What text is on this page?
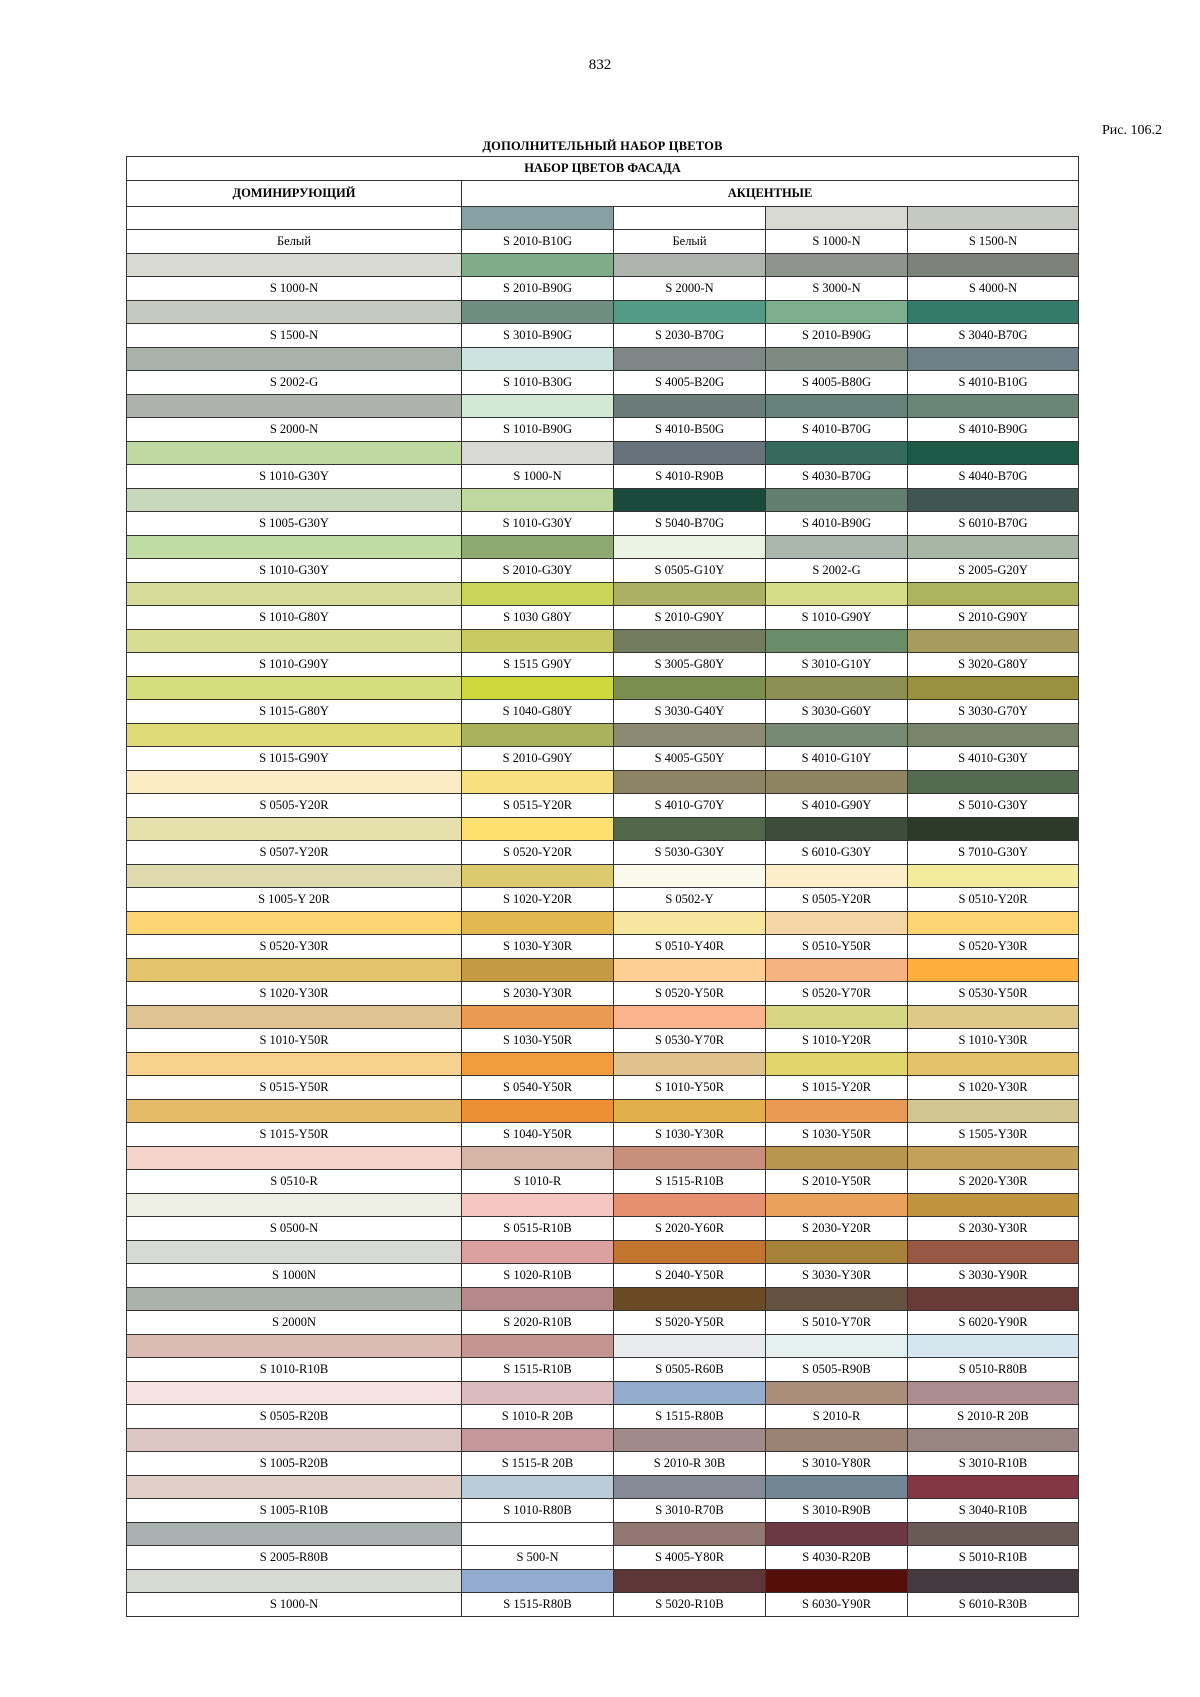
832
Рис. 106.2
ДОПОЛНИТЕЛЬНЫЙ НАБОР ЦВЕТОВ
НАБОР ЦВЕТОВ ФАСАДА				
ДОМИНИРУЮЩИЙ	АКЦЕНТНЫЕ			

Белый	S 2010-B10G	Белый	S 1000-N	S 1500-N

S 1000-N	S 2010-B90G	S 2000-N	S 3000-N	S 4000-N

S 1500-N	S 3010-B90G	S 2030-B70G	S 2010-B90G	S 3040-B70G

S 2002-G	S 1010-B30G	S 4005-B20G	S 4005-B80G	S 4010-B10G

S 2000-N	S 1010-B90G	S 4010-B50G	S 4010-B70G	S 4010-B90G

S 1010-G30Y	S 1000-N	S 4010-R90B	S 4030-B70G	S 4040-B70G

S 1005-G30Y	S 1010-G30Y	S 5040-B70G	S 4010-B90G	S 6010-B70G

S 1010-G30Y	S 2010-G30Y	S 0505-G10Y	S 2002-G	S 2005-G20Y

S 1010-G80Y	S 1030 G80Y	S 2010-G90Y	S 1010-G90Y	S 2010-G90Y

S 1010-G90Y	S 1515 G90Y	S 3005-G80Y	S 3010-G10Y	S 3020-G80Y

S 1015-G80Y	S 1040-G80Y	S 3030-G40Y	S 3030-G60Y	S 3030-G70Y

S 1015-G90Y	S 2010-G90Y	S 4005-G50Y	S 4010-G10Y	S 4010-G30Y

S 0505-Y20R	S 0515-Y20R	S 4010-G70Y	S 4010-G90Y	S 5010-G30Y

S 0507-Y20R	S 0520-Y20R	S 5030-G30Y	S 6010-G30Y	S 7010-G30Y

S 1005-Y 20R	S 1020-Y20R	S 0502-Y	S 0505-Y20R	S 0510-Y20R

S 0520-Y30R	S 1030-Y30R	S 0510-Y40R	S 0510-Y50R	S 0520-Y30R

S 1020-Y30R	S 2030-Y30R	S 0520-Y50R	S 0520-Y70R	S 0530-Y50R

S 1010-Y50R	S 1030-Y50R	S 0530-Y70R	S 1010-Y20R	S 1010-Y30R

S 0515-Y50R	S 0540-Y50R	S 1010-Y50R	S 1015-Y20R	S 1020-Y30R

S 1015-Y50R	S 1040-Y50R	S 1030-Y30R	S 1030-Y50R	S 1505-Y30R

S 0510-R	S 1010-R	S 1515-R10B	S 2010-Y50R	S 2020-Y30R

S 0500-N	S 0515-R10B	S 2020-Y60R	S 2030-Y20R	S 2030-Y30R

S 1000N	S 1020-R10B	S 2040-Y50R	S 3030-Y30R	S 3030-Y90R

S 2000N	S 2020-R10B	S 5020-Y50R	S 5010-Y70R	S 6020-Y90R

S 1010-R10B	S 1515-R10B	S 0505-R60B	S 0505-R90B	S 0510-R80B

S 0505-R20B	S 1010-R 20B	S 1515-R80B	S 2010-R	S 2010-R 20B

S 1005-R20B	S 1515-R 20B	S 2010-R 30B	S 3010-Y80R	S 3010-R10B

S 1005-R10B	S 1010-R80B	S 3010-R70B	S 3010-R90B	S 3040-R10B

S 2005-R80B	S 500-N	S 4005-Y80R	S 4030-R20B	S 5010-R10B

S 1000-N	S 1515-R80B	S 5020-R10B	S 6030-Y90R	S 6010-R30B
